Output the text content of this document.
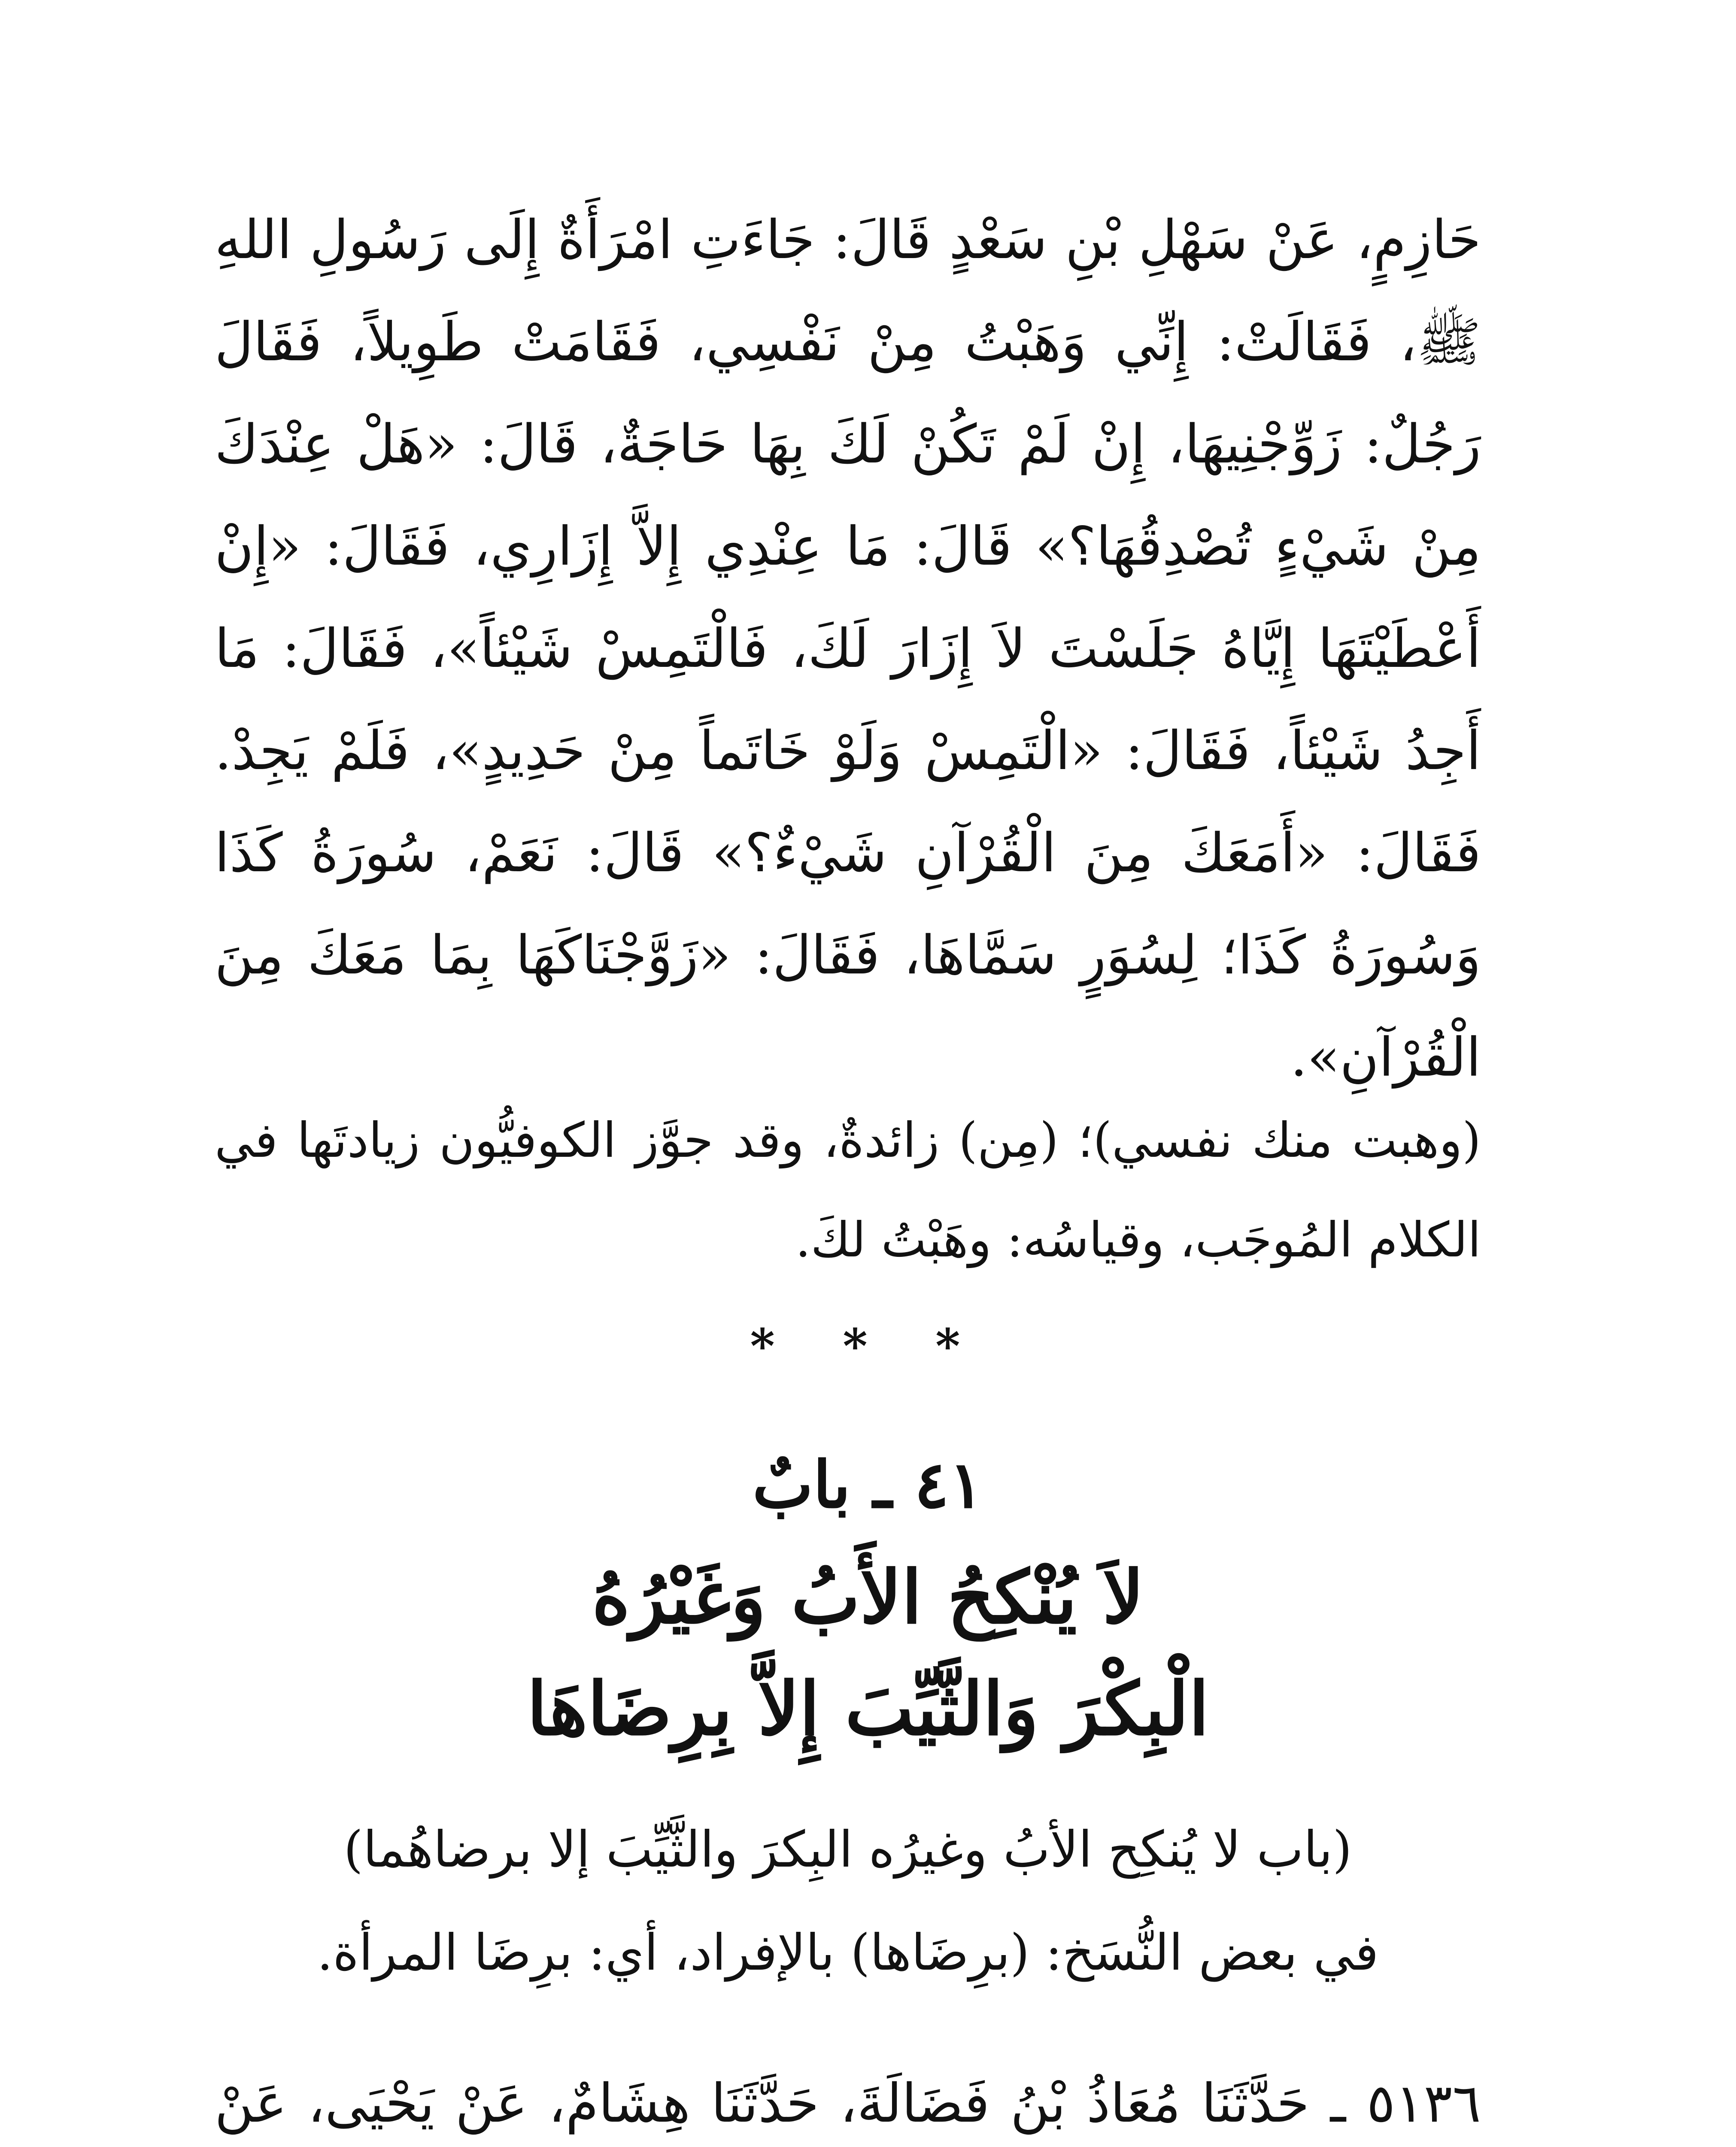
حَازِمٍ، عَنْ سَهْلِ بْنِ سَعْدٍ قَالَ: جَاءَتِ امْرَأَةٌ إِلَى رَسُولِ اللهِ ﷺ، فَقَالَتْ: إِنِّي وَهَبْتُ مِنْ نَفْسِي، فَقَامَتْ طَوِيلاً، فَقَالَ رَجُلٌ: زَوِّجْنِيهَا، إِنْ لَمْ تَكُنْ لَكَ بِهَا حَاجَةٌ، قَالَ: «هَلْ عِنْدَكَ مِنْ شَيْءٍ تُصْدِقُهَا؟» قَالَ: مَا عِنْدِي إِلاَّ إِزَارِي، فَقَالَ: «إِنْ أَعْطَيْتَهَا إِيَّاهُ جَلَسْتَ لاَ إِزَارَ لَكَ، فَالْتَمِسْ شَيْئاً»، فَقَالَ: مَا أَجِدُ شَيْئاً، فَقَالَ: «الْتَمِسْ وَلَوْ خَاتَماً مِنْ حَدِيدٍ»، فَلَمْ يَجِدْ. فَقَالَ: «أَمَعَكَ مِنَ الْقُرْآنِ شَيْءٌ؟» قَالَ: نَعَمْ، سُورَةُ كَذَا وَسُورَةُ كَذَا؛ لِسُوَرٍ سَمَّاهَا، فَقَالَ: «زَوَّجْنَاكَهَا بِمَا مَعَكَ مِنَ الْقُرْآنِ».

(وهبت منك نفسي)؛ (مِن) زائدةٌ، وقد جوَّز الكوفيُّون زيادتَها في الكلام المُوجَب، وقياسُه: وهَبْتُ لكَ.

* * *
٤١ ـ بابٌ
لاَ يُنْكِحُ الأَبُ وَغَيْرُهُ
الْبِكْرَ وَالثَّيِّبَ إِلاَّ بِرِضَاهَا
(باب لا يُنكِح الأبُ وغيرُه البِكرَ والثَّيِّبَ إلا برضاهُما)
في بعض النُّسَخ: (برِضَاها) بالإفراد، أي: برِضَا المرأة.

٥١٣٦ ـ حَدَّثَنَا مُعَاذُ بْنُ فَضَالَةَ، حَدَّثَنَا هِشَامٌ، عَنْ يَحْيَى، عَنْ
